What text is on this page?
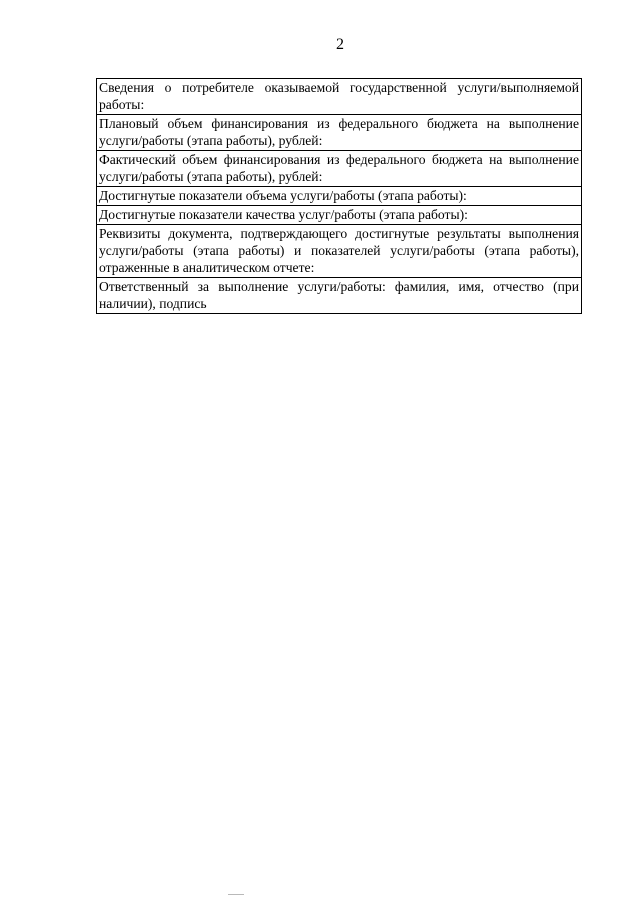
2
Сведения о потребителе оказываемой государственной услуги/выполняемой работы:
Плановый объем финансирования из федерального бюджета на выполнение услуги/работы (этапа работы), рублей:
Фактический объем финансирования из федерального бюджета на выполнение услуги/работы (этапа работы), рублей:
Достигнутые показатели объема услуги/работы (этапа работы):
Достигнутые показатели качества услуг/работы (этапа работы):
Реквизиты документа, подтверждающего достигнутые результаты выполнения услуги/работы (этапа работы) и показателей услуги/работы (этапа работы), отраженные в аналитическом отчете:
Ответственный за выполнение услуги/работы: фамилия, имя, отчество (при наличии), подпись
